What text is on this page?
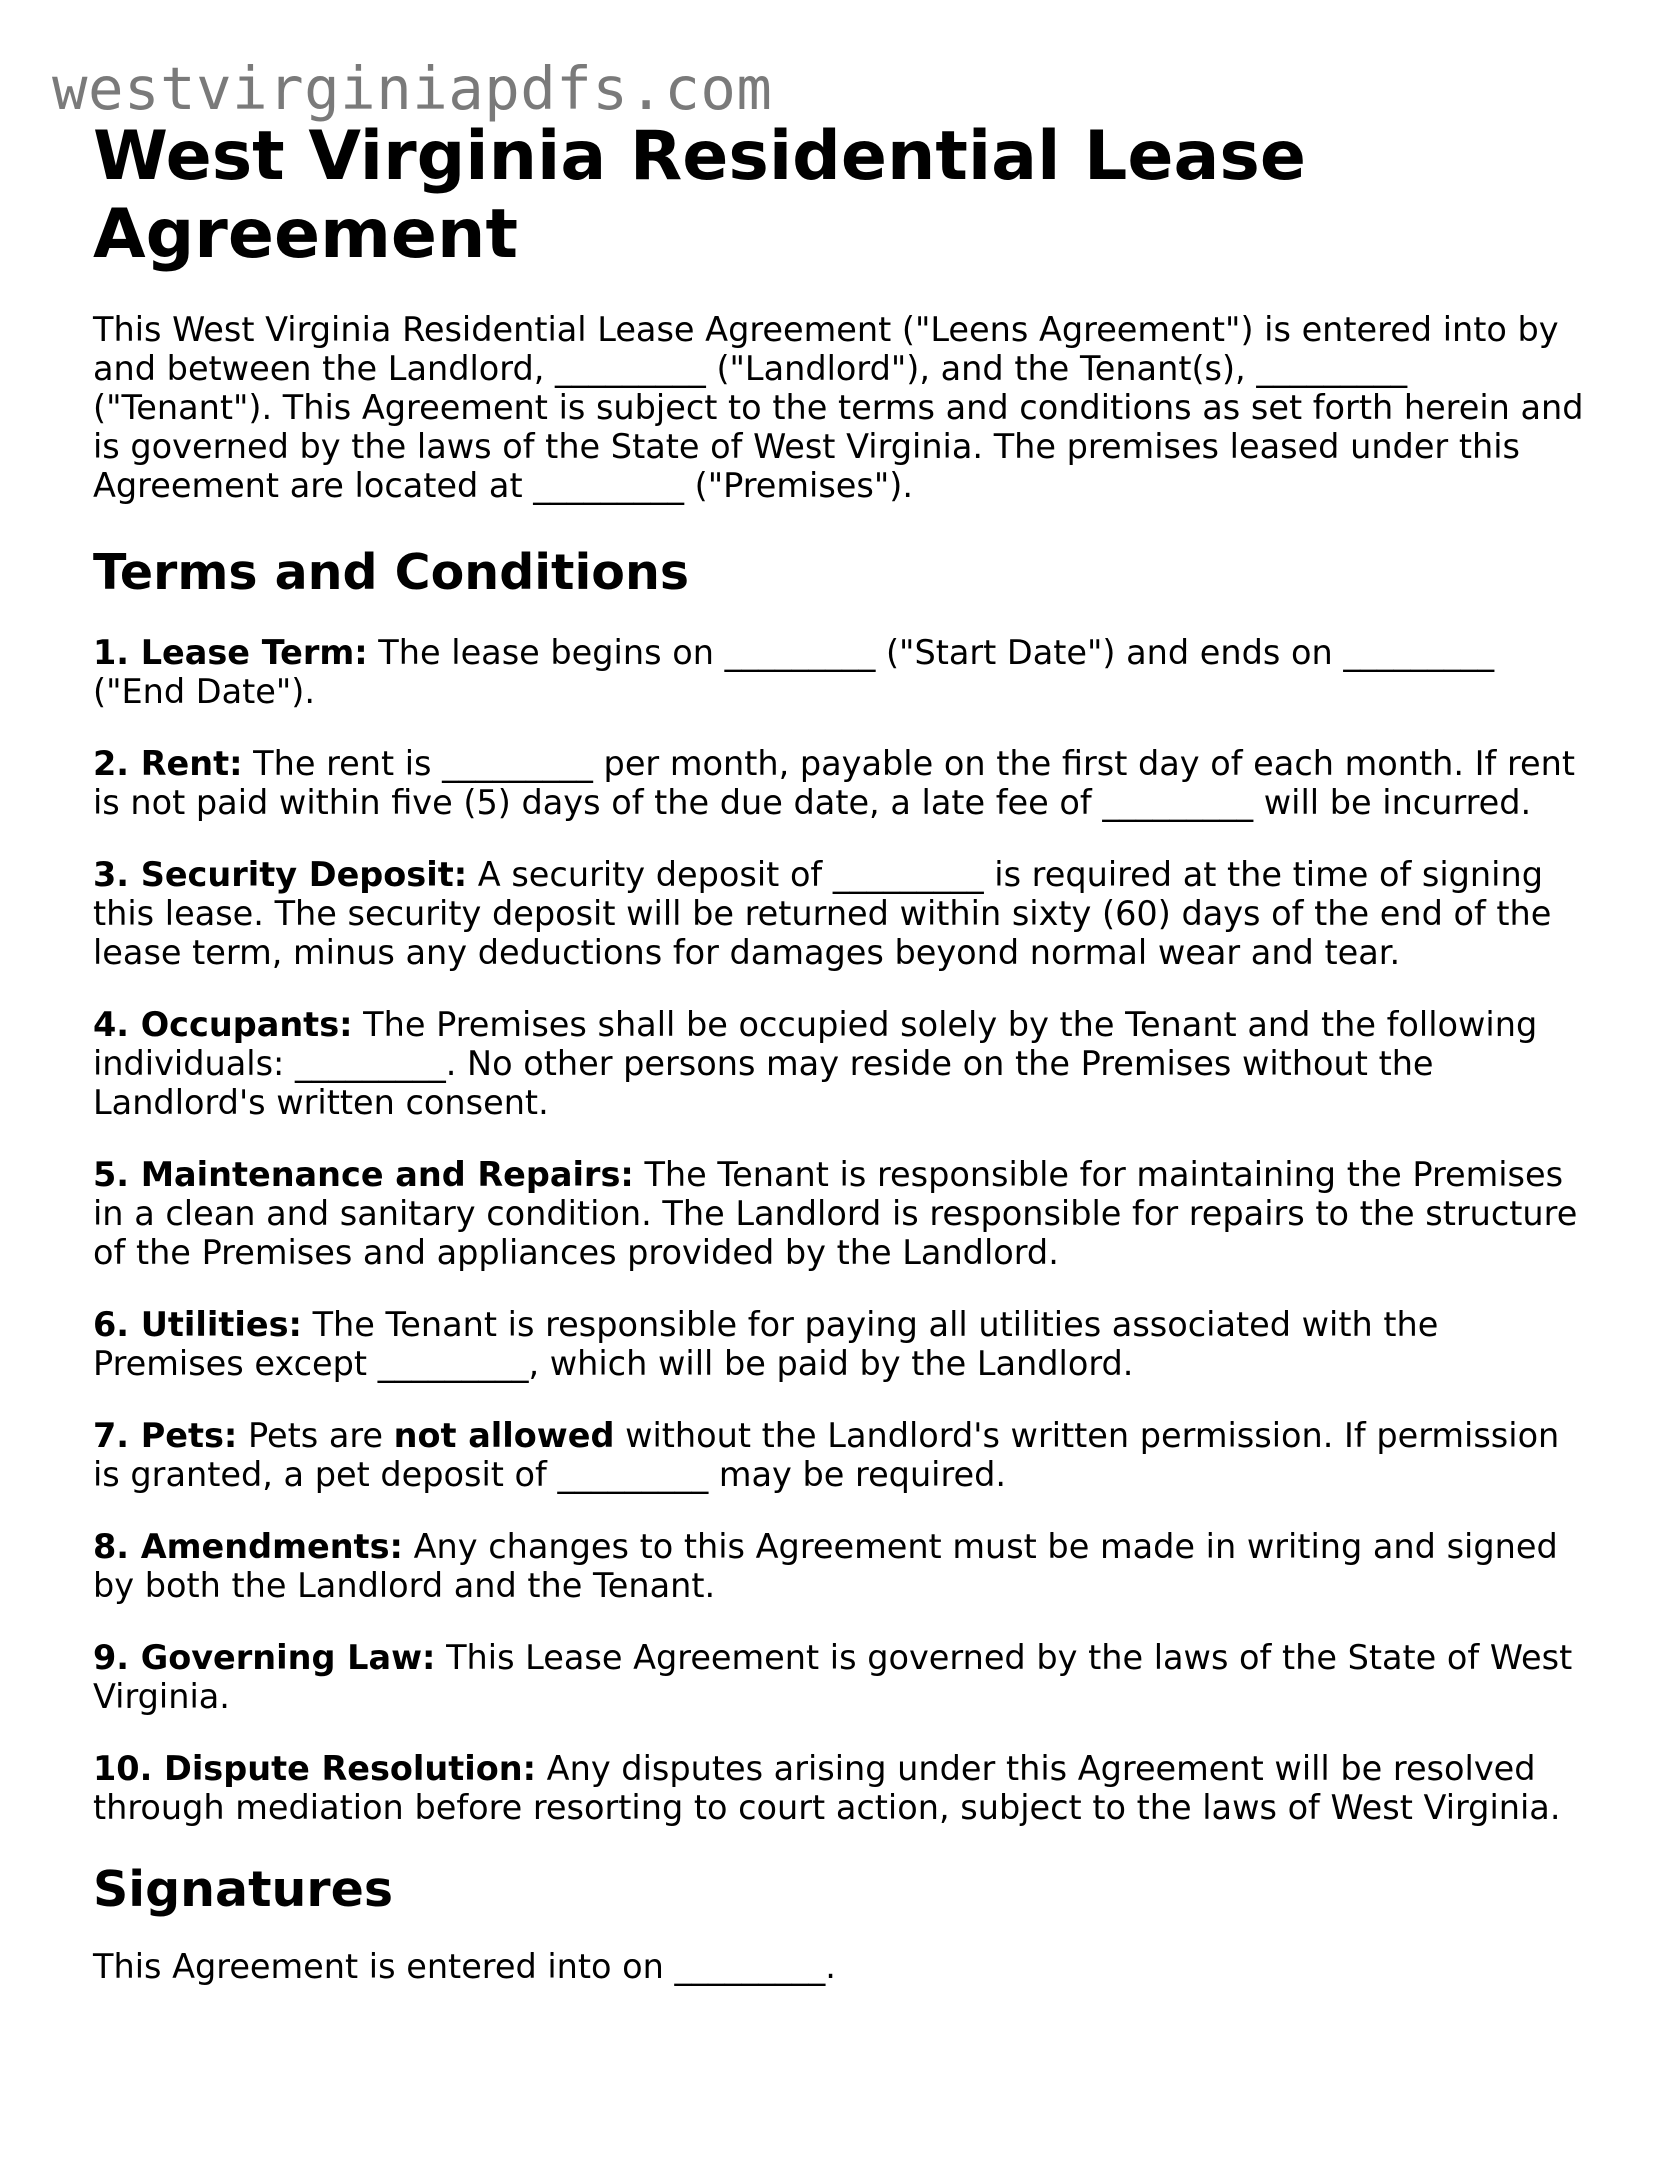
westvirginiapdfs.com
West Virginia Residential Lease Agreement

This West Virginia Residential Lease Agreement ("Leens Agreement") is entered into by and between the Landlord, _________ ("Landlord"), and the Tenant(s), _________ ("Tenant"). This Agreement is subject to the terms and conditions as set forth herein and is governed by the laws of the State of West Virginia. The premises leased under this Agreement are located at _________ ("Premises").

Terms and Conditions

1. Lease Term: The lease begins on _________ ("Start Date") and ends on _________ ("End Date").

2. Rent: The rent is _________ per month, payable on the first day of each month. If rent is not paid within five (5) days of the due date, a late fee of _________ will be incurred.

3. Security Deposit: A security deposit of _________ is required at the time of signing this lease. The security deposit will be returned within sixty (60) days of the end of the lease term, minus any deductions for damages beyond normal wear and tear.

4. Occupants: The Premises shall be occupied solely by the Tenant and the following individuals: _________. No other persons may reside on the Premises without the Landlord's written consent.

5. Maintenance and Repairs: The Tenant is responsible for maintaining the Premises in a clean and sanitary condition. The Landlord is responsible for repairs to the structure of the Premises and appliances provided by the Landlord.

6. Utilities: The Tenant is responsible for paying all utilities associated with the Premises except _________, which will be paid by the Landlord.

7. Pets: Pets are not allowed without the Landlord's written permission. If permission is granted, a pet deposit of _________ may be required.

8. Amendments: Any changes to this Agreement must be made in writing and signed by both the Landlord and the Tenant.

9. Governing Law: This Lease Agreement is governed by the laws of the State of West Virginia.

10. Dispute Resolution: Any disputes arising under this Agreement will be resolved through mediation before resorting to court action, subject to the laws of West Virginia.

Signatures

This Agreement is entered into on _________.
